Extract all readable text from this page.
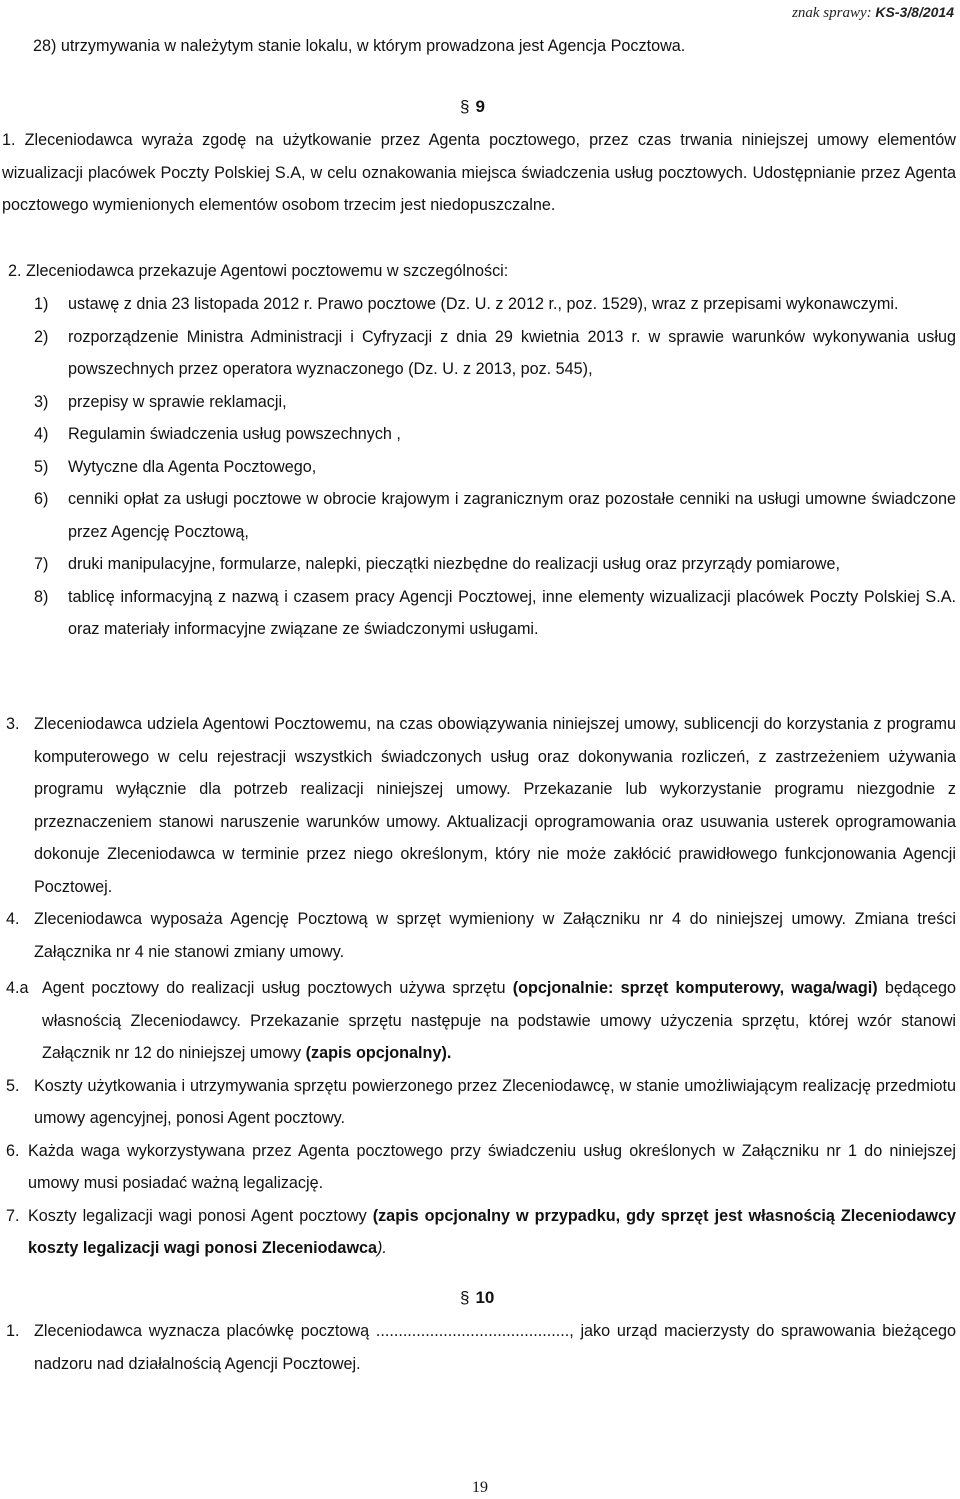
znak sprawy: KS-3/8/2014

28) utrzymywania w należytym stanie lokalu, w którym prowadzona jest Agencja Pocztowa.

§ 9

1. Zleceniodawca wyraża zgodę na użytkowanie przez Agenta pocztowego, przez czas trwania niniejszej umowy elementów wizualizacji placówek Poczty Polskiej S.A, w celu oznakowania miejsca świadczenia usług pocztowych. Udostępnianie przez Agenta pocztowego wymienionych elementów osobom trzecim jest niedopuszczalne.

2. Zleceniodawca przekazuje Agentowi pocztowemu w szczególności:

1)	ustawę z dnia 23 listopada 2012 r. Prawo pocztowe (Dz. U. z 2012 r., poz. 1529), wraz z przepisami wykonawczymi.

2)	rozporządzenie Ministra Administracji i Cyfryzacji z dnia 29 kwietnia 2013 r. w sprawie warunków wykonywania usług powszechnych przez operatora wyznaczonego (Dz. U. z 2013, poz. 545),

3)	przepisy w sprawie reklamacji,

4)	Regulamin świadczenia usług powszechnych ,

5)	Wytyczne dla Agenta Pocztowego,

6)	cenniki opłat za usługi pocztowe w obrocie krajowym i zagranicznym oraz pozostałe cenniki na usługi umowne świadczone przez Agencję Pocztową,

7)	druki manipulacyjne, formularze, nalepki, pieczątki niezbędne do realizacji usług oraz przyrządy pomiarowe,

8)	tablicę informacyjną z nazwą i czasem pracy Agencji Pocztowej, inne elementy wizualizacji placówek Poczty Polskiej S.A. oraz materiały informacyjne związane ze świadczonymi usługami.

3. Zleceniodawca udziela Agentowi Pocztowemu, na czas obowiązywania niniejszej umowy, sublicencji do korzystania z programu komputerowego w celu rejestracji wszystkich świadczonych usług oraz dokonywania rozliczeń, z zastrzeżeniem używania programu wyłącznie dla potrzeb realizacji niniejszej umowy. Przekazanie lub wykorzystanie programu niezgodnie z przeznaczeniem stanowi naruszenie warunków umowy. Aktualizacji oprogramowania oraz usuwania usterek oprogramowania dokonuje Zleceniodawca w terminie przez niego określonym, który nie może zakłócić prawidłowego funkcjonowania Agencji Pocztowej.

4. Zleceniodawca wyposaża Agencję Pocztową w sprzęt wymieniony w Załączniku nr 4 do niniejszej umowy. Zmiana treści Załącznika nr 4 nie stanowi zmiany umowy.

4.a Agent pocztowy do realizacji usług pocztowych używa sprzętu (opcjonalnie: sprzęt komputerowy, waga/wagi) będącego własnością Zleceniodawcy. Przekazanie sprzętu następuje na podstawie umowy użyczenia sprzętu, której wzór stanowi Załącznik nr 12 do niniejszej umowy (zapis opcjonalny).

5. Koszty użytkowania i utrzymywania sprzętu powierzonego przez Zleceniodawcę, w stanie umożliwiającym realizację przedmiotu umowy agencyjnej, ponosi Agent pocztowy.

6. Każda waga wykorzystywana przez Agenta pocztowego przy świadczeniu usług określonych w Załączniku nr 1 do niniejszej umowy musi posiadać ważną legalizację.

7. Koszty legalizacji wagi ponosi Agent pocztowy (zapis opcjonalny w przypadku, gdy sprzęt jest własnością Zleceniodawcy koszty legalizacji wagi ponosi Zleceniodawca).

§ 10
1. Zleceniodawca wyznacza placówkę pocztową ..........................................., jako urząd macierzysty do sprawowania bieżącego nadzoru nad działalnością Agencji Pocztowej.

19
